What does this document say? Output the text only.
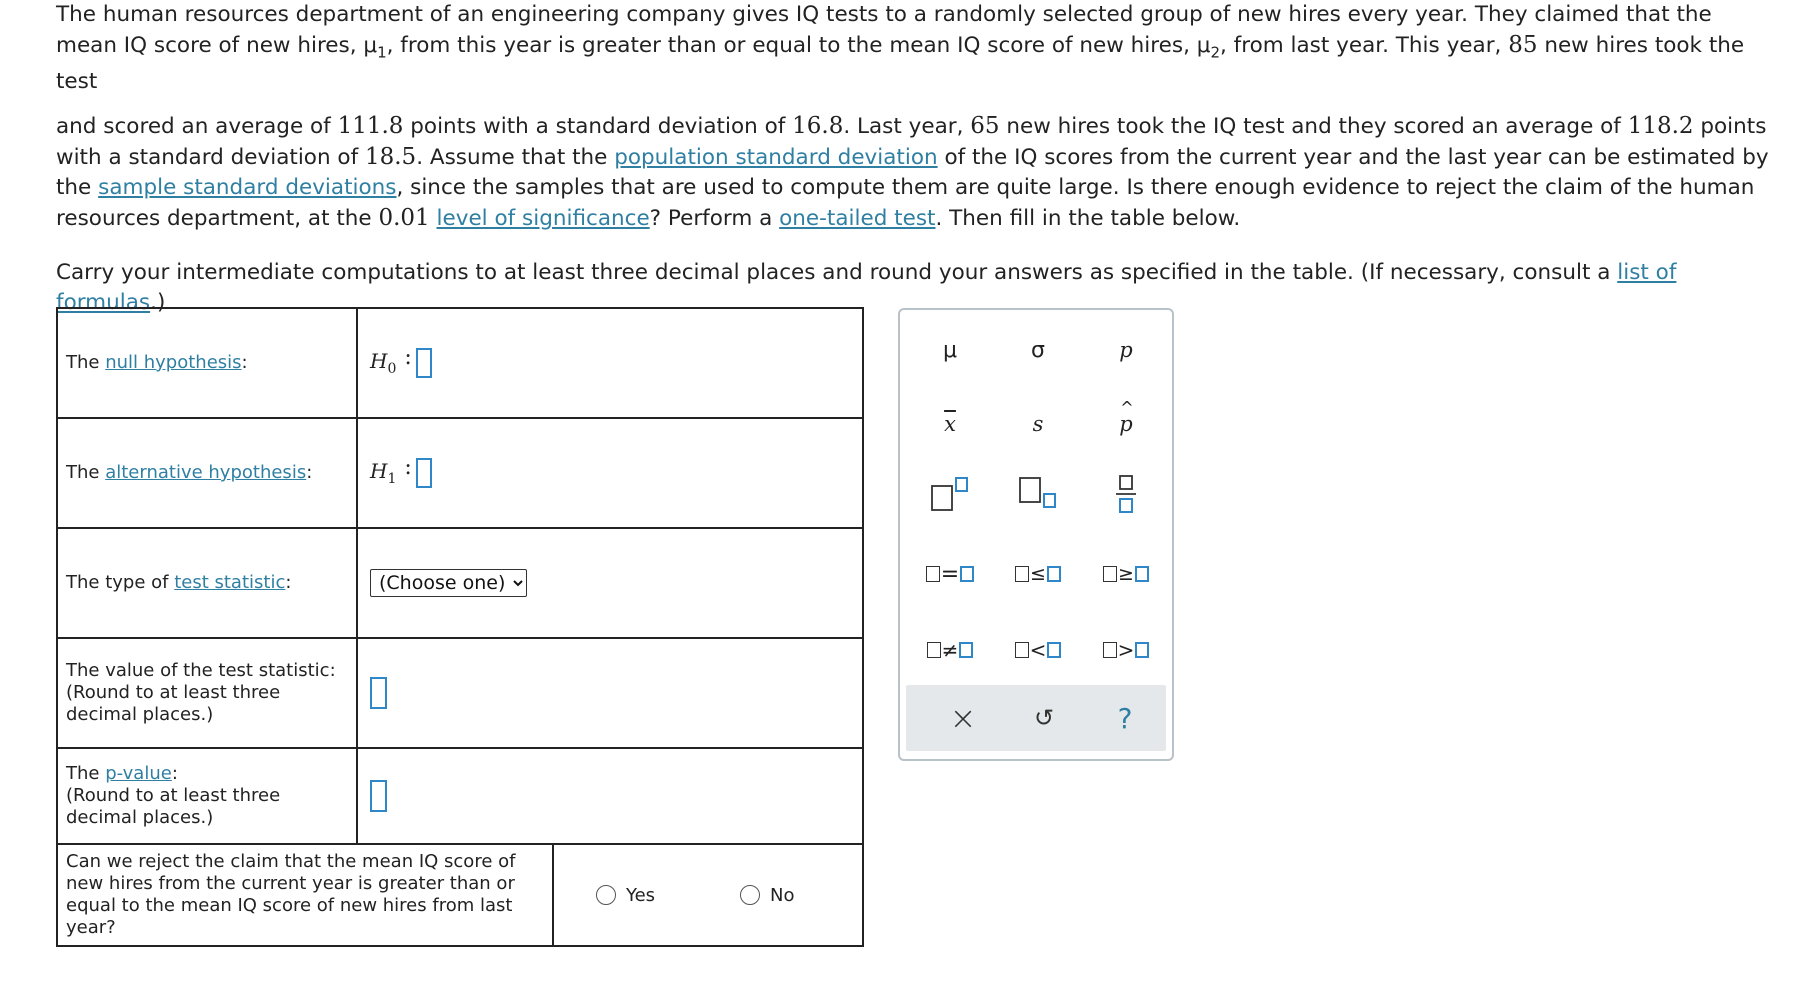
The human resources department of an engineering company gives IQ tests to a randomly selected group of new hires every year. They claimed that the mean IQ score of new hires, $\mu_1$, from this year is greater than or equal to the mean IQ score of new hires, $\mu_2$, from last year. This year, 85 new hires took the test
and scored an average of 111.8 points with a standard deviation of 16.8. Last year, 65 new hires took the IQ test and they scored an average of 118.2 points with a standard deviation of 18.5. Assume that the population standard deviation of the IQ scores from the current year and the last year can be estimated by the sample standard deviations, since the samples that are used to compute them are quite large. Is there enough evidence to reject the claim of the human resources department, at the 0.01 level of significance? Perform a one-tailed test. Then fill in the table below.

Carry your intermediate computations to at least three decimal places and round your answers as specified in the table. (If necessary, consult a list of formulas.)

The null hypothesis:	$H_0$ :
The alternative hypothesis:	$H_1$ :
The type of test statistic:
(Choose one)
The value of the test statistic:
(Round to at least three
decimal places.)
The p-value:
(Round to at least three
decimal places.)
Can we reject the claim that the mean IQ score of new hires from the current year is greater than or equal to the mean IQ score of new hires from last year?
Yes	No
μ	σ	p
$\overline{x}$	s
^
p
=	≤	≥
≠	<	>
× ↺ ?
